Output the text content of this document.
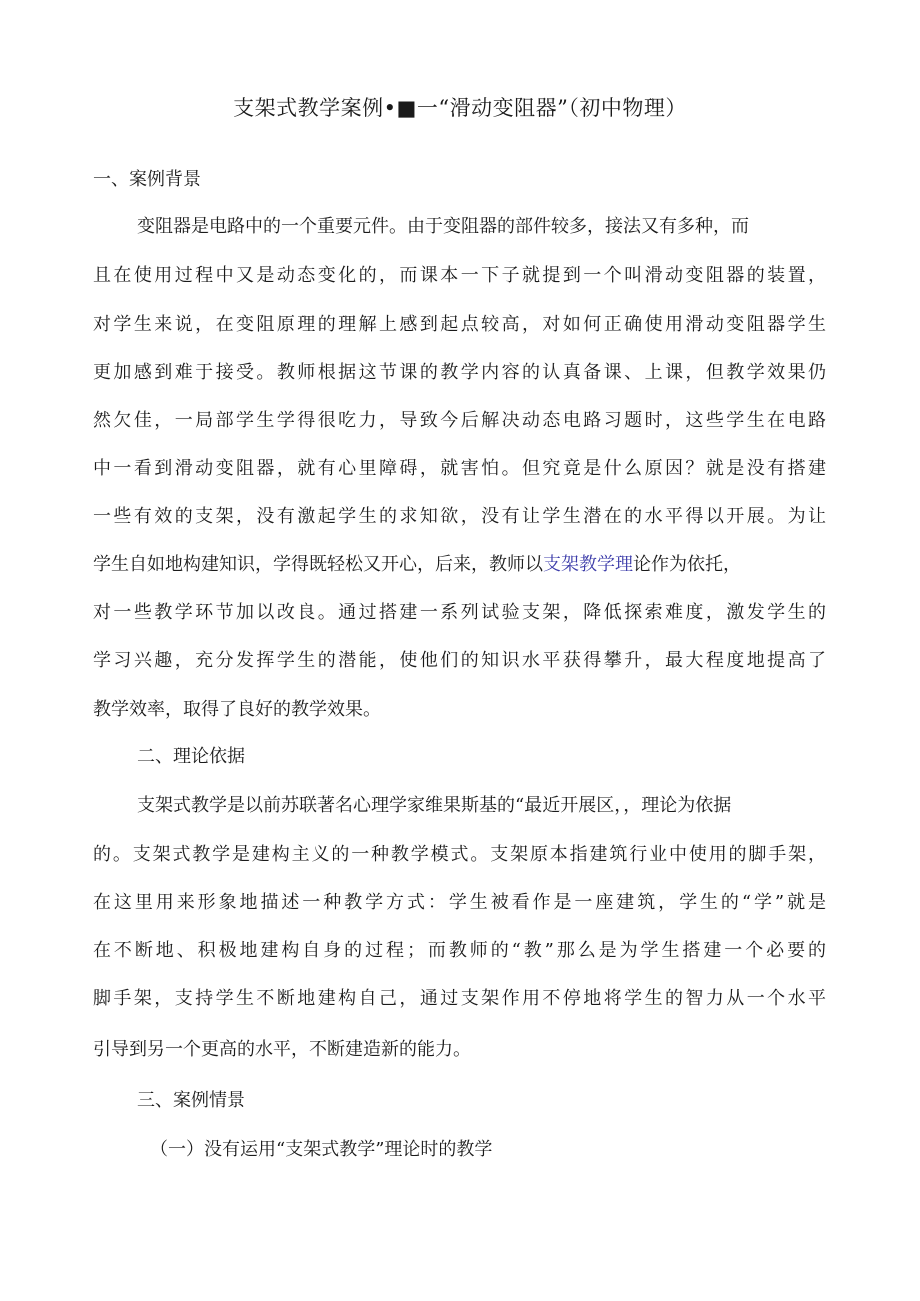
支架式教学案例•■一“滑动变阻器”（初中物理）
一、案例背景
变阻器是电路中的一个重要元件。由于变阻器的部件较多，接法又有多种，而
且在使用过程中又是动态变化的，而课本一下子就提到一个叫滑动变阻器的装置，
对学生来说，在变阻原理的理解上感到起点较高，对如何正确使用滑动变阻器学生
更加感到难于接受。教师根据这节课的教学内容的认真备课、上课，但教学效果仍
然欠佳，一局部学生学得很吃力，导致今后解决动态电路习题时，这些学生在电路
中一看到滑动变阻器，就有心里障碍，就害怕。但究竟是什么原因？就是没有搭建
一些有效的支架，没有激起学生的求知欲，没有让学生潜在的水平得以开展。为让
学生自如地构建知识，学得既轻松又开心，后来，教师以支架教学理论作为依托，
对一些教学环节加以改良。通过搭建一系列试验支架，降低探索难度，激发学生的
学习兴趣，充分发挥学生的潜能，使他们的知识水平获得攀升，最大程度地提高了
教学效率，取得了良好的教学效果。
二、理论依据
支架式教学是以前苏联著名心理学家维果斯基的“最近开展区，，理论为依据
的。支架式教学是建构主义的一种教学模式。支架原本指建筑行业中使用的脚手架，
在这里用来形象地描述一种教学方式：学生被看作是一座建筑，学生的“学”就是
在不断地、积极地建构自身的过程；而教师的“教”那么是为学生搭建一个必要的
脚手架，支持学生不断地建构自己，通过支架作用不停地将学生的智力从一个水平
引导到另一个更高的水平，不断建造新的能力。
三、案例情景
（一）没有运用“支架式教学”理论时的教学
